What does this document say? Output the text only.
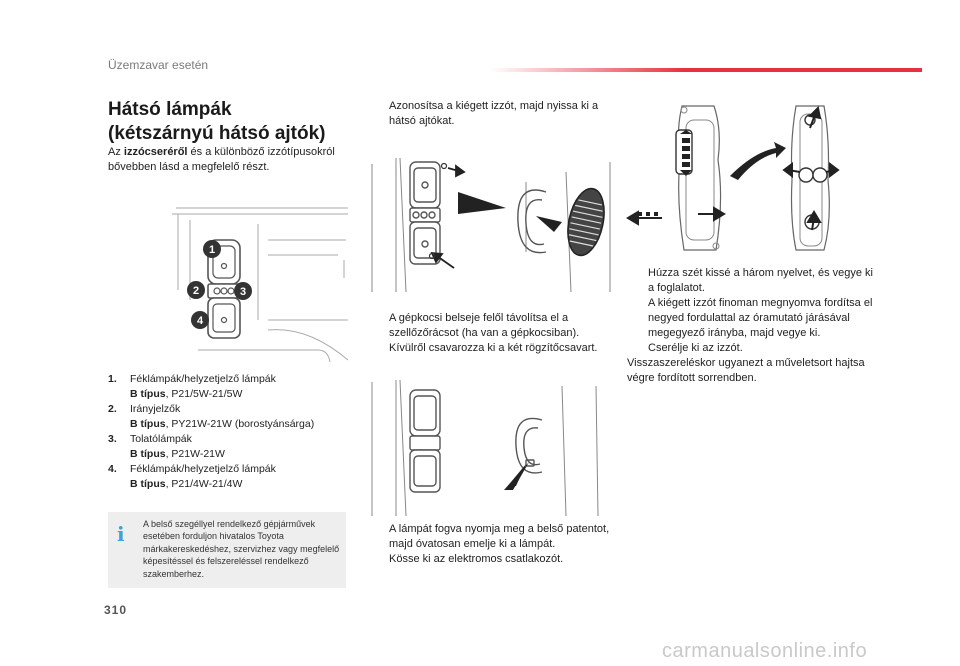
Üzemzavar esetén
Hátsó lámpák
(kétszárnyú hátsó ajtók)
Az izzócseréről és a különböző izzótípusokról bővebben lásd a megfelelő részt.
1
2	3
4
1.	Féklámpák/helyzetjelző lámpák
B típus, P21/5W-21/5W
2.	Irányjelzők
B típus, PY21W-21W (borostyánsárga)
3.	Tolatólámpák
B típus, P21W-21W
4.	Féklámpák/helyzetjelző lámpák
B típus, P21/4W-21/4W
i A belső szegéllyel rendelkező gépjárművek esetében forduljon hivatalos Toyota márkakereskedéshez, szervizhez vagy megfelelő képesítéssel és felszereléssel rendelkező szakemberhez.
Azonosítsa a kiégett izzót, majd nyissa ki a hátsó ajtókat.
A gépkocsi belseje felől távolítsa el a szellőzőrácsot (ha van a gépkocsiban).
Kívülről csavarozza ki a két rögzítőcsavart.
A lámpát fogva nyomja meg a belső patentot, majd óvatosan emelje ki a lámpát.
Kösse ki az elektromos csatlakozót.
Húzza szét kissé a három nyelvet, és vegye ki a foglalatot.
A kiégett izzót finoman megnyomva fordítsa el negyed fordulattal az óramutató járásával megegyező irányba, majd vegye ki.
Cserélje ki az izzót.
Visszaszereléskor ugyanezt a műveletsort hajtsa végre fordított sorrendben.
310
carmanualsonline.info
